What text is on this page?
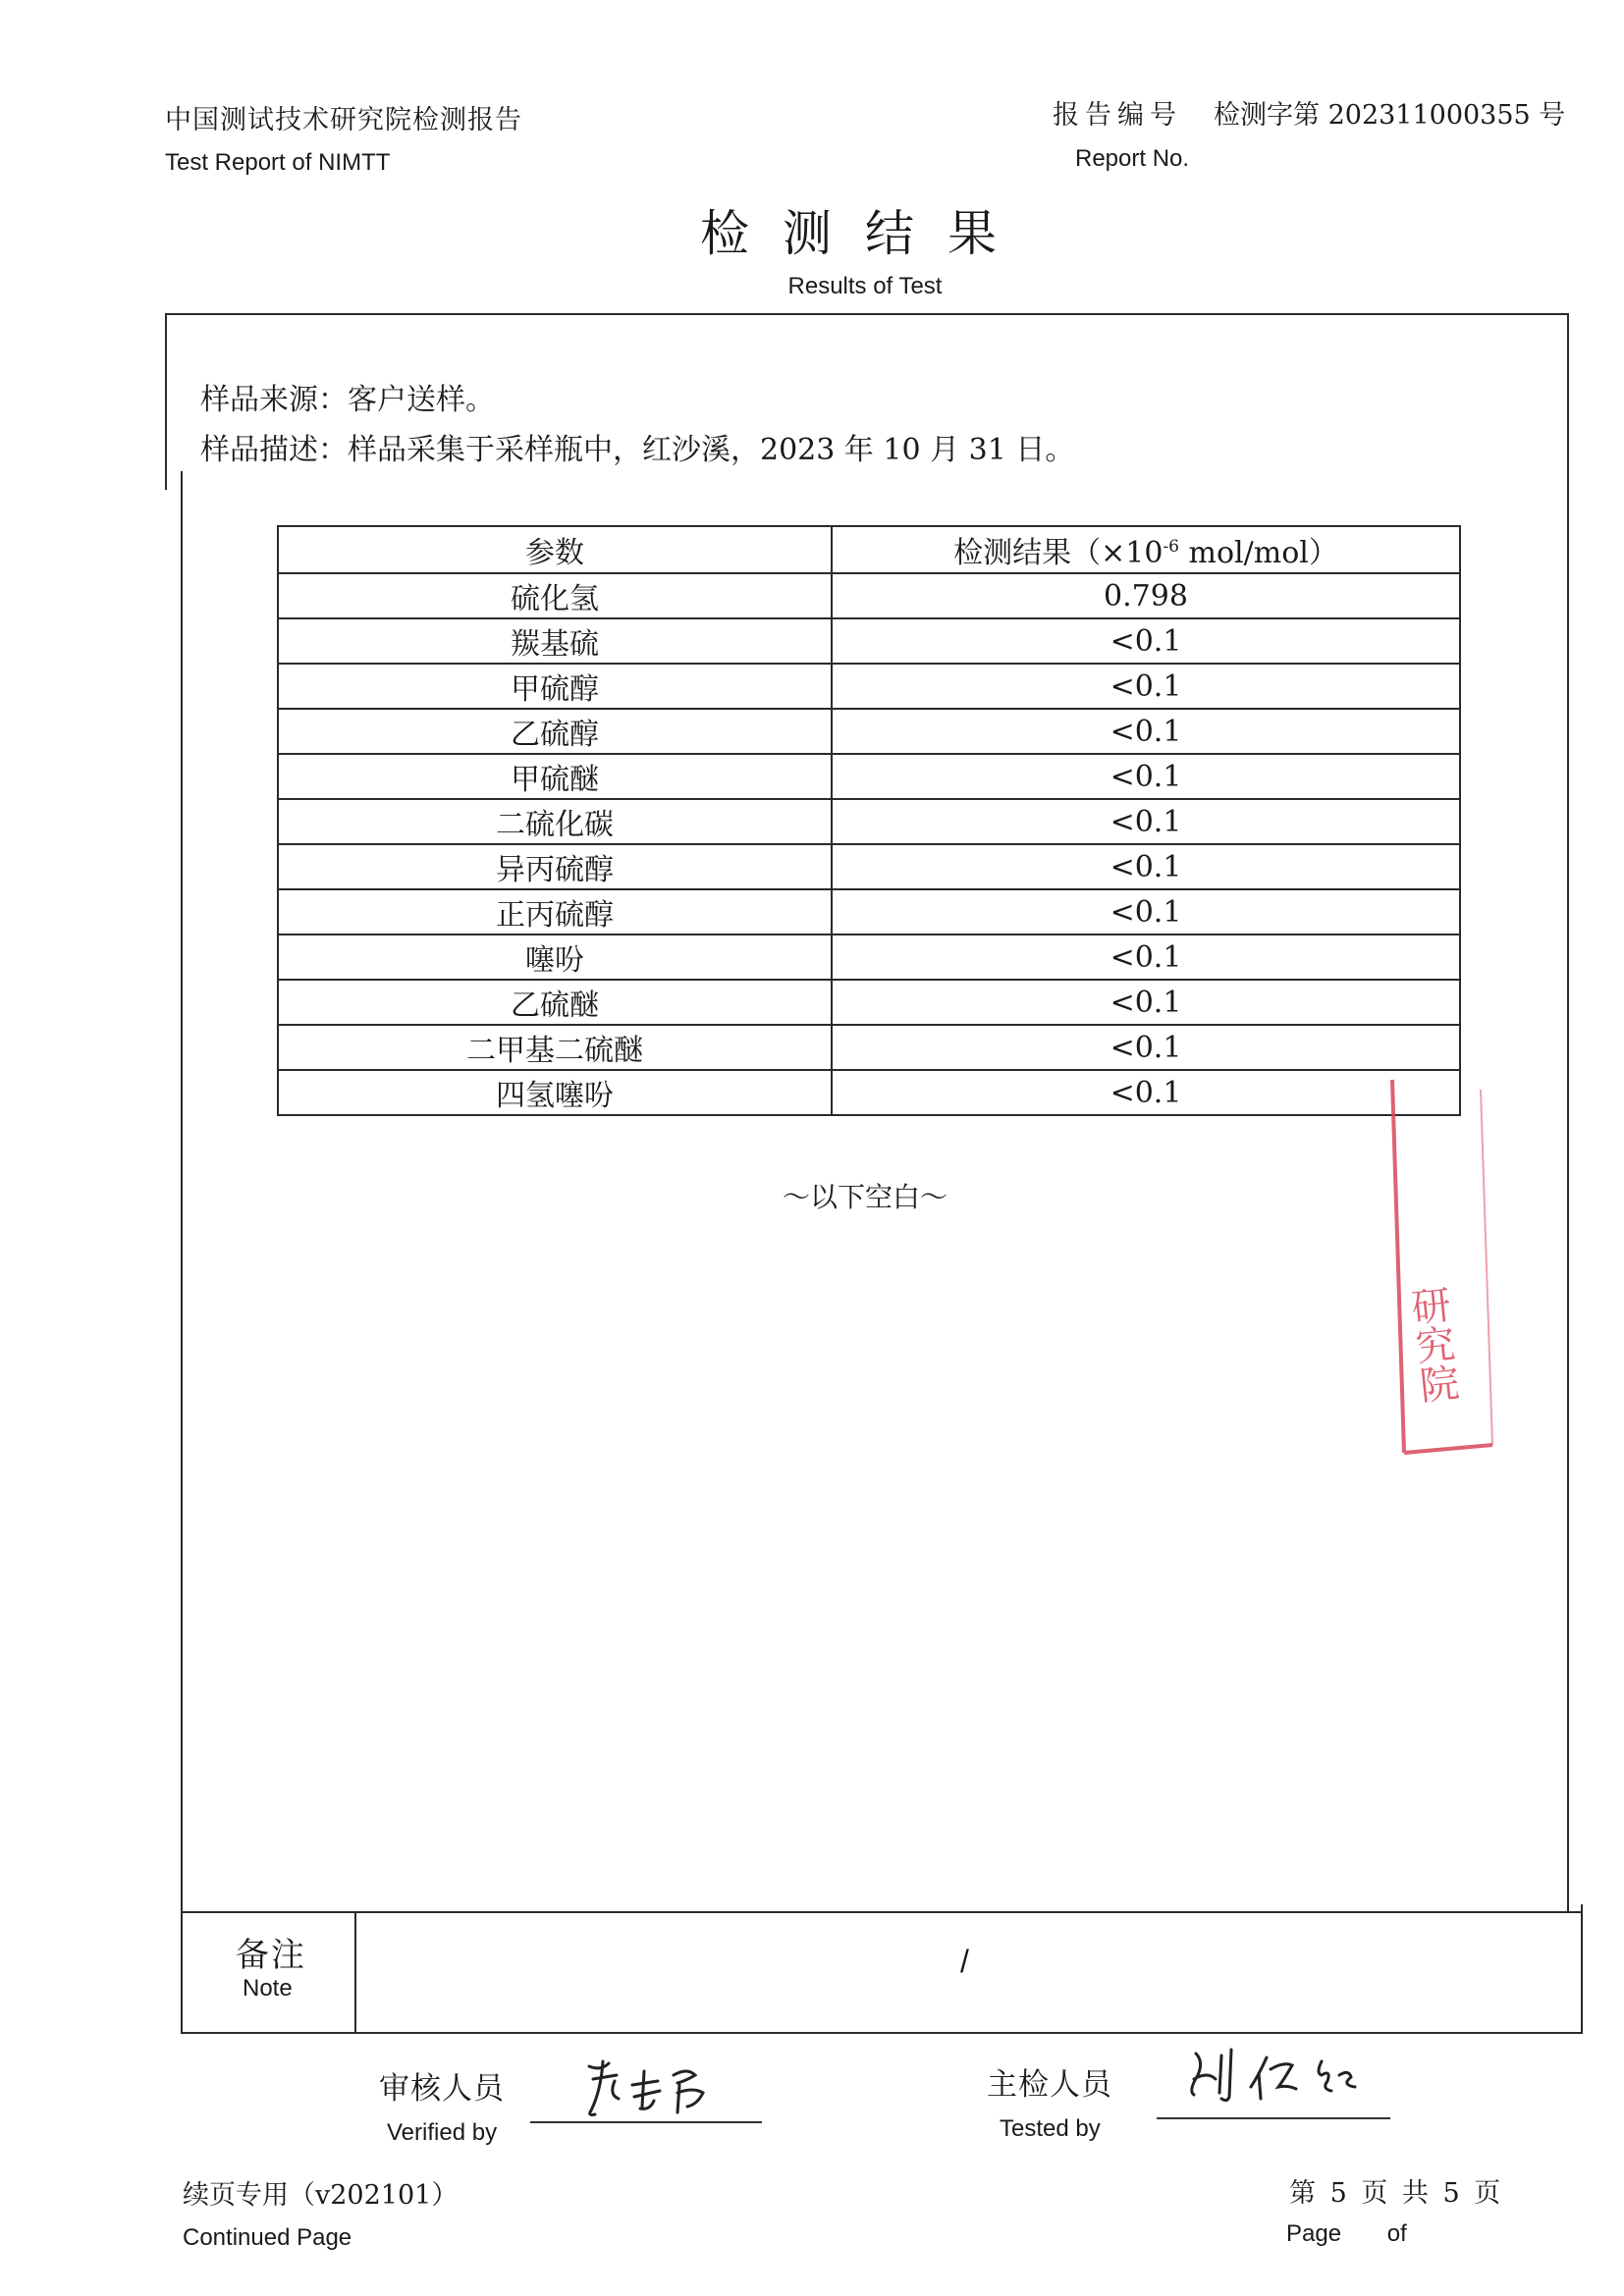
中国测试技术研究院检测报告
Test Report of NIMTT
报告编号 检测字第 202311000355 号
Report No.
检测结果
Results of Test
样品来源：客户送样。
样品描述：样品采集于采样瓶中，红沙溪，2023 年 10 月 31 日。
参数	检测结果（$\times 10^{-6}$ mol/mol）
硫化氢	0.798
羰基硫	<0.1
甲硫醇	<0.1
乙硫醇	<0.1
甲硫醚	<0.1
二硫化碳	<0.1
异丙硫醇	<0.1
正丙硫醇	<0.1
噻吩	<0.1
乙硫醚	<0.1
二甲基二硫醚	<0.1
四氢噻吩	<0.1
～以下空白～
研究院
备注
Note
/
审核人员
Verified by
主检人员
Tested by
续页专用（v202101）
Continued Page
第 5 页 共 5 页
Page of
